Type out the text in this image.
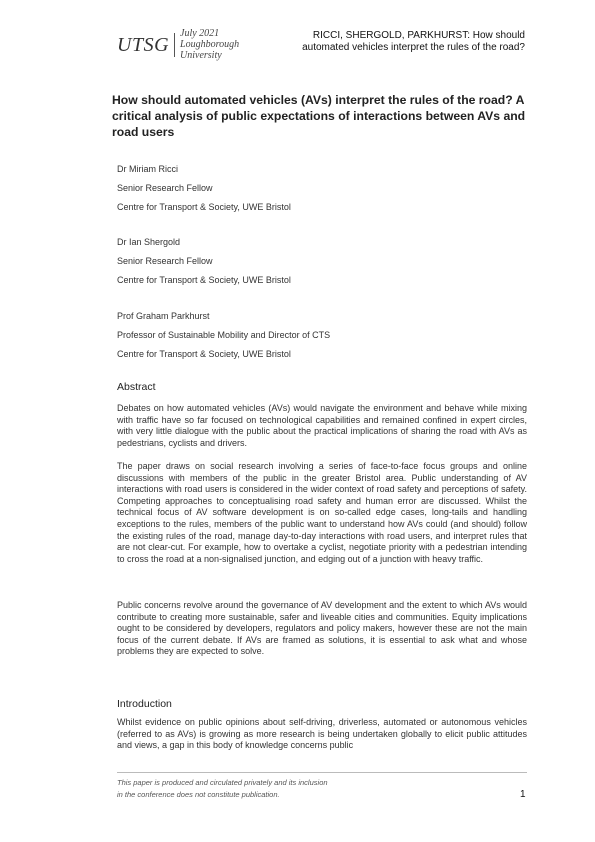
UTSG	July 2021
Loughborough
University
RICCI, SHERGOLD, PARKHURST: How should automated vehicles interpret the rules of the road?
How should automated vehicles (AVs) interpret the rules of the road? A critical analysis of public expectations of interactions between AVs and road users
Dr Miriam Ricci
Senior Research Fellow
Centre for Transport & Society, UWE Bristol
Dr Ian Shergold
Senior Research Fellow
Centre for Transport & Society, UWE Bristol
Prof Graham Parkhurst
Professor of Sustainable Mobility and Director of CTS
Centre for Transport & Society, UWE Bristol
Abstract

Debates on how automated vehicles (AVs) would navigate the environment and behave while mixing with traffic have so far focused on technological capabilities and remained confined in expert circles, with very little dialogue with the public about the practical implications of sharing the road with AVs as pedestrians, cyclists and drivers.

The paper draws on social research involving a series of face-to-face focus groups and online discussions with members of the public in the greater Bristol area. Public understanding of AV interactions with road users is considered in the wider context of road safety and perceptions of safety. Competing approaches to conceptualising road safety and human error are discussed. Whilst the technical focus of AV software development is on so-called edge cases, long-tails and handling exceptions to the rules, members of the public want to understand how AVs could (and should) follow the existing rules of the road, manage day-to-day interactions with road users, and interpret rules that are not clear-cut. For example, how to overtake a cyclist, negotiate priority with a pedestrian intending to cross the road at a non-signalised junction, and edging out of a junction with heavy traffic.

Public concerns revolve around the governance of AV development and the extent to which AVs would contribute to creating more sustainable, safer and liveable cities and communities. Equity implications ought to be considered by developers, regulators and policy makers, however these are not the main focus of the current debate. If AVs are framed as solutions, it is essential to ask what and whose problems they are expected to solve.

Introduction

Whilst evidence on public opinions about self-driving, driverless, automated or autonomous vehicles (referred to as AVs) is growing as more research is being undertaken globally to elicit public attitudes and views, a gap in this body of knowledge concerns public

This paper is produced and circulated privately and its inclusion
in the conference does not constitute publication.	1
